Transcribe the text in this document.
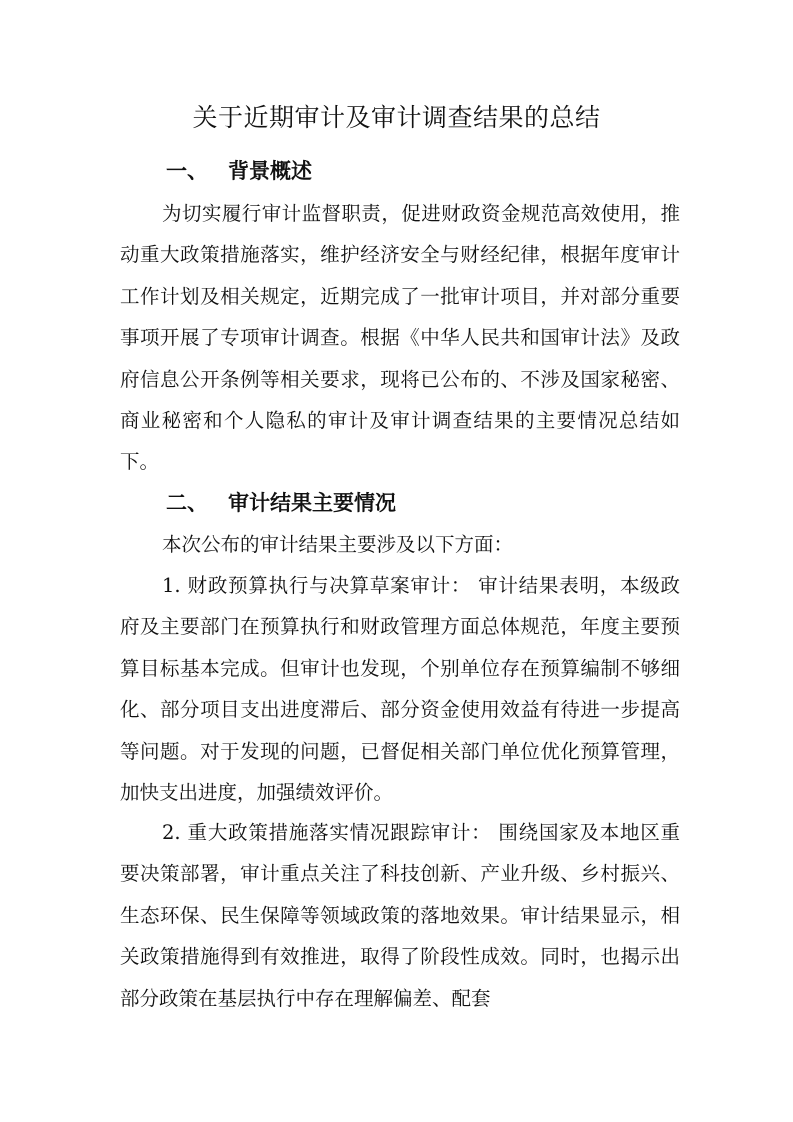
关于近期审计及审计调查结果的总结
一、 背景概述

为切实履行审计监督职责，促进财政资金规范高效使用，推动重大政策措施落实，维护经济安全与财经纪律，根据年度审计工作计划及相关规定，近期完成了一批审计项目，并对部分重要事项开展了专项审计调查。根据《中华人民共和国审计法》及政府信息公开条例等相关要求，现将已公布的、不涉及国家秘密、商业秘密和个人隐私的审计及审计调查结果的主要情况总结如下。

二、 审计结果主要情况

本次公布的审计结果主要涉及以下方面：

1. 财政预算执行与决算草案审计： 审计结果表明，本级政府及主要部门在预算执行和财政管理方面总体规范，年度主要预算目标基本完成。但审计也发现，个别单位存在预算编制不够细化、部分项目支出进度滞后、部分资金使用效益有待进一步提高等问题。对于发现的问题，已督促相关部门单位优化预算管理，加快支出进度，加强绩效评价。

2. 重大政策措施落实情况跟踪审计： 围绕国家及本地区重要决策部署，审计重点关注了科技创新、产业升级、乡村振兴、生态环保、民生保障等领域政策的落地效果。审计结果显示，相关政策措施得到有效推进，取得了阶段性成效。同时，也揭示出部分政策在基层执行中存在理解偏差、配套
